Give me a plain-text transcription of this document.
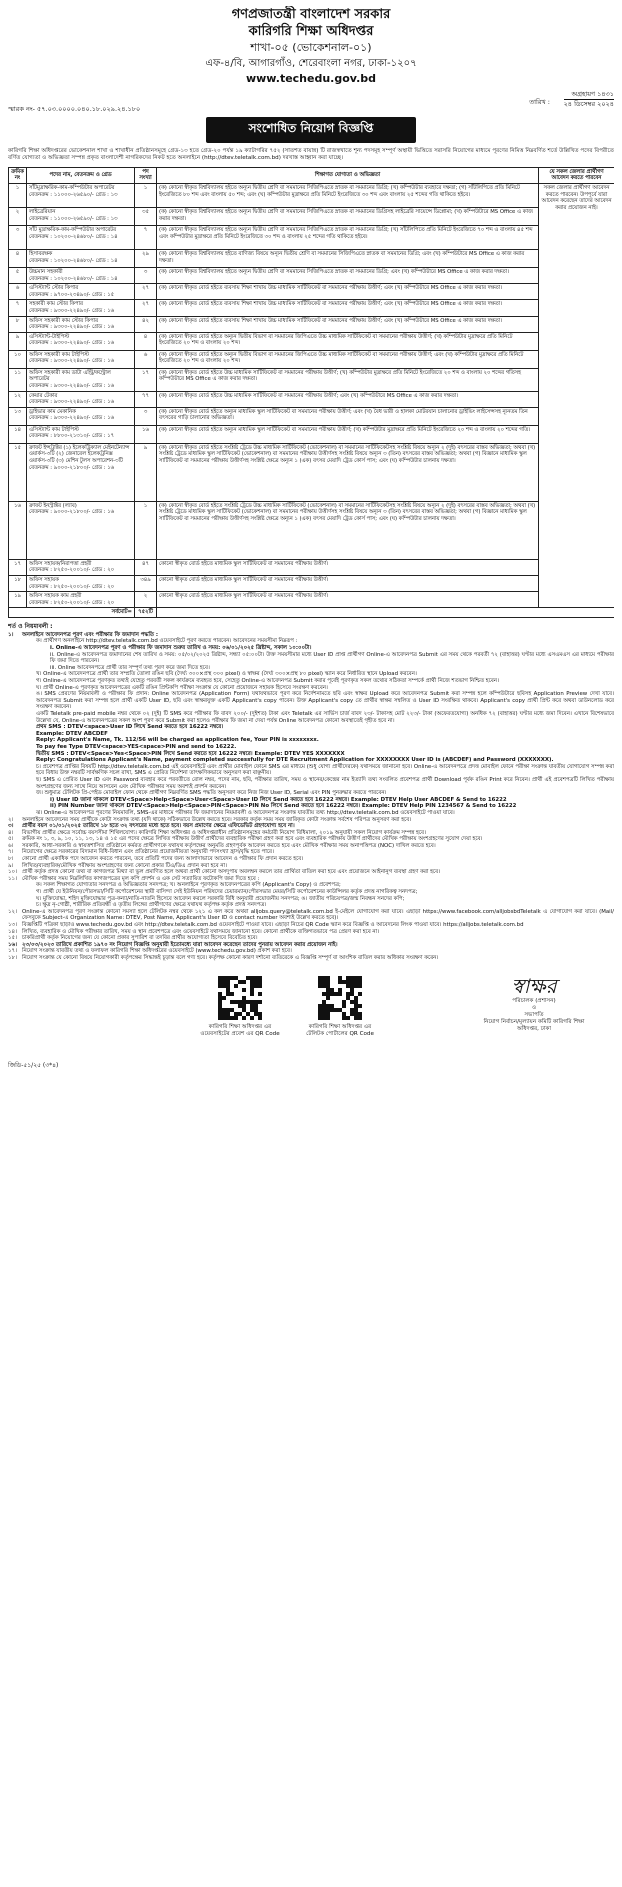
গণপ্রজাতন্ত্রী বাংলাদেশ সরকার
কারিগরি শিক্ষা অধিদপ্তর
শাখা-০৫ (ভোকেশনাল-০১)
এফ-৪/বি, আগারগাঁও, শেরেবাংলা নগর, ঢাকা-১২০৭
www.techedu.gov.bd
স্মারক নং- ৫৭.০৩.০০০০.০৪০.১৮.০২৯.২৪.১৮০
অগ্রহায়ণ ১৪৩১
২৪ ডিসেম্বর ২০২৪
তারিখ :
সংশোধিত নিয়োগ বিজ্ঞপ্তি
কারিগরি শিক্ষা অধিদপ্তরের ভোকেশনাল শাখা ও শাখাধীন প্রতিষ্ঠানসমূহে গ্রেড-১৩ হতে গ্রেড-২০ পর্যন্ত ১৯ ক্যাটাগরির ৭৫২ (সাতশত বায়ান্ন) টি রাজস্বখাতে শূন্য পদসমূহ সম্পূর্ণ অস্থায়ী ভিত্তিতে সরাসরি নিয়োগের মাধ্যমে পূরণের নিমিত্ত নিম্নবর্ণিত শর্তে উল্লিখিত পদের বিপরীতে বর্ণিত যোগ্যতা ও অভিজ্ঞতা সম্পন্ন প্রকৃত বাংলাদেশী নাগরিকদের নিকট হতে অনলাইনে (http://dtev.teletalk.com.bd) দরখাস্ত আহ্বান করা যাচ্ছে।
ক্রমিক নং	পদের নাম, বেতনক্রম ও গ্রেড	পদ সংখ্যা	শিক্ষাগত যোগ্যতা ও অভিজ্ঞতা	যে সকল জেলার প্রার্থীগণ আবেদন করতে পারবেন
১	সাঁটমুদ্রাক্ষরিক-কাম-কম্পিউটার অপারেটর
বেতনক্রম : ১১০০০-২৬৫৯০/- গ্রেড : ১৩	১	(ক) কোনো স্বীকৃত বিশ্ববিদ্যালয় হইতে অন্যূন দ্বিতীয় শ্রেণি বা সমমানের সিজিপিএতে স্নাতক বা সমমানের ডিগ্রি; (খ) কম্পিউটার ব্যবহারে দক্ষতা; (গ) সাঁটলিপিতে প্রতি মিনিটে ইংরেজিতে ৮০ শব্দ এবং বাংলায় ৫০ শব্দ; এবং (ঘ) কম্পিউটার মুদ্রাক্ষরে প্রতি মিনিটে ইংরেজিতে ৩০ শব্দ এবং বাংলায় ২৫ শব্দের গতি থাকিতে হইবে।	সকল জেলার প্রার্থীগণ আবেদন করতে পারবেন। উপপূর্বে যারা আবেদন করেছেন তাদের আবেদন করার প্রয়োজন নাই।
২	লাইব্রেরিয়ান
বেতনক্রম : ১১০০০-২৬৫৯০/- গ্রেড : ১৩	৩৫	(ক) কোনো স্বীকৃত বিশ্ববিদ্যালয় হইতে অন্যূন দ্বিতীয় শ্রেণি বা সমমানের সিজিপিএতে স্নাতক বা সমমানের ডিগ্রিসহ লাইব্রেরি সায়েন্সে ডিপ্লোমা; (খ) কম্পিউটারে MS Office এ কাজ করার দক্ষতা।	
৩	সাঁট মুদ্রাক্ষরিক-কাম-কম্পিউটার অপারেটর
বেতনক্রম : ১০২০০-২৪৬৮০/- গ্রেড : ১৪	৭	(ক) কোনো স্বীকৃত বিশ্ববিদ্যালয় হইতে অন্যূন দ্বিতীয় শ্রেণি বা সমমানের সিজিপিএতে স্নাতক বা সমমানের ডিগ্রি; (খ) সাঁটলিপিতে প্রতি মিনিটে ইংরেজিতে ৭০ শব্দ ও বাংলায় ৪৫ শব্দ এবং কম্পিউটার মুদ্রাক্ষরে প্রতি মিনিটে ইংরেজিতে ৩০ শব্দ ও বাংলায় ২৫ শব্দের গতি থাকিতে হইবে।	
৪	হিসাবরক্ষক
বেতনক্রম : ১০২০০-২৪৬৮০/- গ্রেড : ১৪	২৯	(ক) কোনো স্বীকৃত বিশ্ববিদ্যালয় হইতে বাণিজ্য বিষয়ে অন্যূন দ্বিতীয় শ্রেণি বা সমমানের সিজিপিএতে স্নাতক বা সমমানের ডিগ্রি; এবং (খ) কম্পিউটারে MS Office এ কাজ করার দক্ষতা।	
৫	উচ্চমান সহকারী
বেতনক্রম : ১০২০০-২৪৬৮০/- গ্রেড : ১৪	৩	(ক) কোনো স্বীকৃত বিশ্ববিদ্যালয় হইতে অন্যূন দ্বিতীয় শ্রেণি বা সমমানের সিজিপিএতে স্নাতক বা সমমানের ডিগ্রি; এবং (খ) কম্পিউটারে MS Office এ কাজ করার দক্ষতা।	
৬	এসিস্ট্যান্ট স্টোর কিপার
বেতনক্রম : ৯৭০০-২৩৪৯০/- গ্রেড : ১৫	২৭	(ক) কোনো স্বীকৃত বোর্ড হইতে ব্যবসায় শিক্ষা শাখায় উচ্চ মাধ্যমিক সার্টিফিকেট বা সমমানের পরীক্ষায় উত্তীর্ণ; এবং (খ) কম্পিউটারে MS Office এ কাজ করার দক্ষতা।	
৭	সহকারী কাম স্টোর কিপার
বেতনক্রম : ৯৩০০-২২৪৯০/- গ্রেড : ১৬	২৭	(ক) কোনো স্বীকৃত বোর্ড হইতে ব্যবসায় শিক্ষা শাখায় উচ্চ মাধ্যমিক সার্টিফিকেট বা সমমানের পরীক্ষায় উত্তীর্ণ; এবং (খ) কম্পিউটারে MS Office এ কাজ করার দক্ষতা।	
৮	অফিস সহকারী কাম স্টোর কিপার
বেতনক্রম : ৯৩০০-২২৪৯০/- গ্রেড : ১৬	৪২	(ক) কোনো স্বীকৃত বোর্ড হইতে ব্যবসায় শিক্ষা শাখায় উচ্চ মাধ্যমিক সার্টিফিকেট বা সমমানের পরীক্ষায় উত্তীর্ণ; এবং (খ) কম্পিউটারে MS Office এ কাজ করার দক্ষতা।	
৯	এসিস্ট্যান্ট-টাইপিস্ট
বেতনক্রম : ৯৩০০-২২৪৯০/- গ্রেড : ১৬	৪	(ক) কোনো স্বীকৃত বোর্ড হইতে অন্যূন দ্বিতীয় বিভাগ বা সমমানের জিপিএতে উচ্চ মাধ্যমিক সার্টিফিকেট বা সমমানের পরীক্ষায় উত্তীর্ণ; (খ) কম্পিউটার মুদ্রাক্ষরে প্রতি মিনিটে ইংরেজিতে ২০ শব্দ ও বাংলায় ২০ শব্দ।	
১০	অফিস সহকারী কাম টাইপিস্ট
বেতনক্রম : ৯৩০০-২২৪৯০/- গ্রেড : ১৬	৬	(ক) কোনো স্বীকৃত বোর্ড হইতে অন্যূন দ্বিতীয় বিভাগ বা সমমানের জিপিএতে উচ্চ মাধ্যমিক সার্টিফিকেট বা সমমানের পরীক্ষায় উত্তীর্ণ; এবং (খ) কম্পিউটার মুদ্রাক্ষরে প্রতি মিনিটে ইংরেজিতে ২০ শব্দ ও বাংলায় ২০ শব্দ।	
১১	অফিস সহকারী কাম ডাটা এন্ট্রি/কন্ট্রোল অপারেটর
বেতনক্রম : ৯৩০০-২২৪৯০/- গ্রেড : ১৬	১৭	(ক) কোনো স্বীকৃত বোর্ড হইতে উচ্চ মাধ্যমিক সার্টিফিকেট বা সমমানের পরীক্ষায় উত্তীর্ণ; (খ) কম্পিউটার মুদ্রাক্ষরে প্রতি মিনিটে ইংরেজিতে ২০ শব্দ ও বাংলায় ২০ শব্দের গতিসহ কম্পিউটারে MS Office এ কাজ করার দক্ষতা।	
১২	কেয়ার টেকার
বেতনক্রম : ৯৩০০-২২৪৯০/- গ্রেড : ১৬	৭৭	(ক) কোনো স্বীকৃত বোর্ড হইতে উচ্চ মাধ্যমিক সার্টিফিকেট বা সমমানের পরীক্ষায় উত্তীর্ণ; এবং (খ) কম্পিউটারে MS Office এ কাজ করার দক্ষতা।	
১৩	ড্রাইভার কাম মেকানিক
বেতনক্রম : ৯৩০০-২২৪৯০/- গ্রেড : ১৬	৩	(ক) কোনো স্বীকৃত বোর্ড হইতে অন্যূন মাধ্যমিক স্কুল সার্টিফিকেট বা সমমানের পরীক্ষায় উত্তীর্ণ; এবং (খ) বৈধ ভারী ও হালকা মোটরযান চালানোর ড্রাইভিং লাইসেন্সসহ ন্যূনতম তিন বৎসরের গাড়ি চালানোর অভিজ্ঞতা।	
১৪	এসিস্ট্যান্ট কাম টাইপিস্ট
বেতনক্রম : ৮৮০০-২১৩১০/- গ্রেড : ১৭	১৬	(ক) কোনো স্বীকৃত বোর্ড হইতে অন্যূন মাধ্যমিক স্কুল সার্টিফিকেট বা সমমানের পরীক্ষায় উত্তীর্ণ; (খ) কম্পিউটার মুদ্রাক্ষরে প্রতি মিনিটে ইংরেজিতে ২০ শব্দ ও বাংলায় ২০ শব্দের গতি।	
১৫	ক্রাফট ইন্সট্রাক্টর (১) ইলেকট্রিক্যাল মেইনটেন্যান্স ওয়ার্কস-৩টি (২) জেনারেল ইলেকট্রনিক্স ওয়ার্কস-৩টি (৩) মেশিন টুলস অপারেশন-৩টি
বেতনক্রম : ৯০০০-২১৮০০/- গ্রেড : ১৬	৯	(ক) কোনো স্বীকৃত বোর্ড হইতে সংশ্লিষ্ট ট্রেডে উচ্চ মাধ্যমিক সার্টিফিকেট (ভোকেশনাল) বা সমমানের সার্টিফিকেটসহ সংশ্লিষ্ট বিষয়ে অন্যূন ২ (দুই) বৎসরের বাস্তব অভিজ্ঞতা; অথবা (খ) সংশ্লিষ্ট ট্রেডে মাধ্যমিক স্কুল সার্টিফিকেট (ভোকেশনাল) বা সমমানের পরীক্ষায় উত্তীর্ণসহ সংশ্লিষ্ট বিষয়ে অন্যূন ৩ (তিন) বৎসরের বাস্তব অভিজ্ঞতা; অথবা (গ) বিজ্ঞানে মাধ্যমিক স্কুল সার্টিফিকেট বা সমমানের পরীক্ষায় উত্তীর্ণসহ সংশ্লিষ্ট ক্ষেত্রে অন্যূন ১ (এক) বৎসর মেয়াদি ট্রেড কোর্স পাস; এবং (ঘ) কম্পিউটার চালনায় দক্ষতা।	
১৬	ক্রাফট ইনস্ট্রাক্টর (ল্যাব)
বেতনক্রম : ৯০০০-২১৮০০/- গ্রেড : ১৬	১	(ক) কোনো স্বীকৃত বোর্ড হইতে সংশ্লিষ্ট ট্রেডে উচ্চ মাধ্যমিক সার্টিফিকেট (ভোকেশনাল) বা সমমানের সার্টিফিকেটসহ সংশ্লিষ্ট বিষয়ে অন্যূন ২ (দুই) বৎসরের বাস্তব অভিজ্ঞতা; অথবা (খ) সংশ্লিষ্ট ট্রেডে মাধ্যমিক স্কুল সার্টিফিকেট (ভোকেশনাল) বা সমমানের পরীক্ষায় উত্তীর্ণসহ সংশ্লিষ্ট বিষয়ে অন্যূন ৩ (তিন) বৎসরের বাস্তব অভিজ্ঞতা; অথবা (গ) বিজ্ঞানে মাধ্যমিক স্কুল সার্টিফিকেট বা সমমানের পরীক্ষায় উত্তীর্ণসহ সংশ্লিষ্ট ক্ষেত্রে অন্যূন ১ (এক) বৎসর মেয়াদি ট্রেড কোর্স পাস; এবং (ঘ) কম্পিউটার চালনায় দক্ষতা।	
১৭	অফিস সহায়ক/নিরাপত্তা প্রহরী
বেতনক্রম : ৮২৫০-২০০১০/- গ্রেড : ২০	৪৭	কোনো স্বীকৃত বোর্ড হইতে মাধ্যমিক স্কুল সার্টিফিকেট বা সমমানের পরীক্ষায় উত্তীর্ণ।	
১৮	অফিস সহায়ক
বেতনক্রম : ৮২৫০-২০০১০/- গ্রেড : ২০	৩৪৯	কোনো স্বীকৃত বোর্ড হইতে মাধ্যমিক স্কুল সার্টিফিকেট বা সমমানের পরীক্ষায় উত্তীর্ণ।	
১৯	অফিস সহায়ক কাম প্রহরী
বেতনক্রম : ৮২৫০-২০০১০/- গ্রেড : ২০	২	কোনো স্বীকৃত বোর্ড হইতে মাধ্যমিক স্কুল সার্টিফিকেট বা সমমানের পরীক্ষায় উত্তীর্ণ।	
সর্বমোট=		৭৫২টি		
শর্ত ও নিয়মাবলী :
১।	অনলাইনে আবেদনপত্র পূরণ এবং পরীক্ষার ফি জমাদান পদ্ধতি :
ক। প্রার্থীগণ অনলাইনে http://dtev.teletalk.com.bd ওয়েবসাইটে পূরণ করতে পারবেন। আবেদনের সময়সীমা নিম্নরূপ :
i. Online-এ আবেদনপত্র পূরণ ও পরীক্ষার ফি জমাদান শুরুর তারিখ ও সময়: ০৬/০১/২০২৫ খ্রিষ্টাব্দ, সকাল ১০:০০টা।
ii. Online-এ আবেদনপত্র জমাদানের শেষ তারিখ ও সময়: ০৫/০২/২০২৫ খ্রিষ্টাব্দ, সন্ধ্যা ০৫:০০টা। উক্ত সময়সীমার মধ্যে User ID প্রাপ্ত প্রার্থীগণ Online-এ আবেদনপত্র Submit এর সময় থেকে পরবর্তী ৭২ (বাহাত্তর) ঘণ্টার মধ্যে এসএমএস এর মাধ্যমে পরীক্ষার ফি জমা দিতে পারবেন।
iii. Online আবেদনপত্রে প্রার্থী তার সম্পূর্ণ তথ্য পূরণ করে জমা দিতে হবে।
খ। Online-এ আবেদনপত্রে প্রার্থী তার সম্প্রতি তোলা রঙিন ছবি (দৈর্ঘ্য ৩০০×প্রস্থ ৩০০ pixel) ও স্বাক্ষর (দৈর্ঘ্য ৩০০×প্রস্থ ৮০ pixel) স্ক্যান করে নির্ধারিত স্থানে Upload করবেন।
গ। Online-এ আবেদনপত্রে পূরণকৃত তথ্যই যেহেতু পরবর্তী সকল কার্যক্রমে ব্যবহৃত হবে, সেহেতু Online-এ আবেদনপত্র Submit করার পূর্বেই পূরণকৃত সকল তথ্যের সঠিকতা সম্পর্কে প্রার্থী নিজে শতভাগ নিশ্চিত হবেন।
ঘ। প্রার্থী Online-এ পূরণকৃত আবেদনপত্রের একটি রঙিন প্রিন্টকপি পরীক্ষা সংক্রান্ত যে কোনো প্রয়োজনে সহায়ক হিসেবে সংরক্ষণ করবেন।
ঙ। SMS প্রেরণের নিয়মাবলী ও পরীক্ষার ফি প্রদান: Online আবেদনপত্র (Application Form) যথাযথভাবে পূরণ করে নির্দেশনামতে ছবি এবং স্বাক্ষর Upload করে আবেদনপত্র Submit করা সম্পন্ন হলে কম্পিউটারে ছবিসহ Application Preview দেখা যাবে। আবেদনপত্র Submit করা সম্পন্ন হলে প্রার্থী একটি User ID, ছবি এবং স্বাক্ষরযুক্ত একটি Applicant's copy পাবেন। উক্ত Applicant's copy তে প্রার্থীর স্বাক্ষর সম্বলিত ও User ID সংরক্ষিত থাকবে। Applicant's copy প্রার্থী প্রিন্ট করে অথবা ডাউনলোড করে সংরক্ষণ করবেন।
একটি Teletalk pre-paid mobile নম্বর থেকে ০২ (দুই) টি SMS করে পরীক্ষার ফি বাবদ ২০০/- (দুইশত) টাকা এবং Teletalk এর সার্ভিস চার্জ বাবদ ২৩/- টাকাসহ মোট ২২৩/- টাকা (অফেরতযোগ্য) অনধিক ৭২ (বাহাত্তর) ঘণ্টার মধ্যে জমা দিবেন। এখানে বিশেষভাবে উল্লেখ্য যে, Online-এ আবেদনপত্রের সকল অংশ পূরণ করে Submit করা হলেও পরীক্ষার ফি জমা না দেয়া পর্যন্ত Online আবেদনপত্র কোনো অবস্থাতেই গৃহীত হবে না।
প্রথম SMS : DTEV<space>User ID লিখে Send করতে হবে 16222 নম্বরে।
Example: DTEV ABCDEF
Reply: Applicant's Name, Tk. 112/56 will be charged as application fee, Your PIN is xxxxxxxx.
To pay fee Type DTEV<space>YES<space>PIN and send to 16222.
দ্বিতীয় SMS : DTEV<Space>Yes<Space>PIN লিখে Send করতে হবে 16222 নম্বরে। Example: DTEV YES XXXXXXX
Reply: Congratulations Applicant's Name, payment completed successfully for DTE Recruitment Application for XXXXXXXX User ID is (ABCDEF) and Password (XXXXXXX).
চ। প্রবেশপত্র প্রাপ্তির বিষয়টি http://dtev.teletalk.com.bd এই ওয়েবসাইটে এবং প্রার্থীর মোবাইল ফোনে SMS এর মাধ্যমে (শুধু যোগ্য প্রার্থীদেরকে) যথাসময়ে জানানো হবে। Online-এ আবেদনপত্রে প্রদত্ত মোবাইল ফোনে পরীক্ষা সংক্রান্ত যাবতীয় যোগাযোগ সম্পন্ন করা হবে বিধায় উক্ত নম্বরটি সার্বক্ষণিক সচল রাখা, SMS এ প্রেরিত নির্দেশনা তাৎক্ষণিকভাবে অনুসরণ করা বাঞ্ছনীয়।
ছ। SMS এ প্রেরিত User ID এবং Password ব্যবহার করে পরবর্তীতে রোল নম্বর, পদের নাম, ছবি, পরীক্ষার তারিখ, সময় ও স্থানের/কেন্দ্রের নাম ইত্যাদি তথ্য সংবলিত প্রবেশপত্র প্রার্থী Download পূর্বক রঙিন Print করে নিবেন। প্রার্থী এই প্রবেশপত্রটি লিখিত পরীক্ষায় অংশগ্রহণের জন্য সাথে নিয়ে আসবেন এবং মৌখিক পরীক্ষার সময় অবশ্যই প্রদর্শন করবেন।
জ। শুধুমাত্র টেলিটক প্রি-পেইড মোবাইল ফোন থেকে প্রার্থীগণ নিম্নবর্ণিত SMS পদ্ধতি অনুসরণ করে নিজ নিজ User ID, Serial এবং PIN পুনরুদ্ধার করতে পারবেন।
i) User ID জানা থাকলে DTEV<Space>Help<Space>User<Space>User ID লিখে Send করতে হবে 16222 নম্বরে। Example: DTEV Help User ABCDEF & Send to 16222
ii) PIN Number জানা থাকলে DTEV<Space>Help<Space>PIN<Space>PIN No লিখে Send করতে হবে 16222 নম্বরে। Example: DTEV Help PIN 1234567 & Send to 16222
ঝ। Online-এ আবেদনপত্র পূরণের নিয়মাবলি, SMS-এর মাধ্যমে পরীক্ষার ফি জমাদানের নিয়মাবলী ও আবেদনপত্র সংক্রান্ত যাবতীয় তথ্য http://dtev.teletalk.com.bd ওয়েবসাইটে পাওয়া যাবে।
২।	অনলাইনে আবেদনের সময় প্রার্থীকে কোটা সংক্রান্ত তথ্য (যদি থাকে) সঠিকভাবে উল্লেখ করতে হবে। সরকার কর্তৃক সময় সময় জারিকৃত কোটা সংক্রান্ত সর্বশেষ পরিপত্র অনুসরণ করা হবে।
৩।	প্রার্থীর বয়স ০১/০১/২০২৫ তারিখে ১৮ হতে ৩২ বৎসরের মধ্যে হতে হবে। বয়স প্রমাণের ক্ষেত্রে এফিডেভিট গ্রহণযোগ্য হবে না।
৪।	বিভাগীয় প্রার্থীর ক্ষেত্রে সর্বোচ্চ বয়সসীমা শিথিলযোগ্য। কারিগরি শিক্ষা অধিদপ্তর ও অধিদপ্তরাধীন প্রতিষ্ঠানসমূহের কর্মচারী নিয়োগ বিধিমালা, ২০১৯ অনুযায়ী সকল নিয়োগ কার্যক্রম সম্পন্ন হবে।
৫।	ক্রমিক নং ১, ৩, ৯, ১০, ১১, ১৩, ১৪ ও ১৫ এর পদের ক্ষেত্রে লিখিত পরীক্ষায় উত্তীর্ণ প্রার্থীদের ব্যবহারিক পরীক্ষা গ্রহণ করা হবে এবং ব্যবহারিক পরীক্ষায় উত্তীর্ণ প্রার্থীদের মৌখিক পরীক্ষায় অংশগ্রহণের সুযোগ দেয়া হবে।
৬।	সরকারি, আধা-সরকারি ও স্বায়ত্তশাসিত প্রতিষ্ঠানে কর্মরত প্রার্থীগণকে যথাযথ কর্তৃপক্ষের অনুমতি গ্রহণপূর্বক আবেদন করতে হবে এবং মৌখিক পরীক্ষার সময় অনাপত্তিপত্র (NOC) দাখিল করতে হবে।
৭।	নিয়োগের ক্ষেত্রে সরকারের বিদ্যমান বিধি-বিধান এবং প্রতিষ্ঠানের প্রয়োজনীয়তা অনুযায়ী পদসংখ্যা হ্রাস/বৃদ্ধি হতে পারে।
৮।	কোনো প্রার্থী একাধিক পদে আবেদন করতে পারবেন, তবে প্রতিটি পদের জন্য আলাদাভাবে আবেদন ও পরীক্ষার ফি প্রদান করতে হবে।
৯।	লিখিত/ব্যবহারিক/মৌখিক পরীক্ষায় অংশগ্রহণের জন্য কোনো প্রকার টিএ/ডিএ প্রদান করা হবে না।
১০। প্রার্থী কর্তৃক প্রদত্ত কোনো তথ্য বা কাগজপত্র মিথ্যা বা ভুল প্রমাণিত হলে অথবা প্রার্থী কোনো অসদুপায় অবলম্বন করলে তার প্রার্থিতা বাতিল করা হবে এবং প্রয়োজনে আইনানুগ ব্যবস্থা গ্রহণ করা হবে।
১১। মৌখিক পরীক্ষার সময় নিম্নলিখিত কাগজপত্রের মূল কপি প্রদর্শন ও এক সেট সত্যায়িত ফটোকপি জমা দিতে হবে :
ক। সকল শিক্ষাগত যোগ্যতার সনদপত্র ও অভিজ্ঞতার সনদপত্র; খ। অনলাইনে পূরণকৃত আবেদনপত্রের কপি (Applicant's Copy) ও প্রবেশপত্র;
গ। প্রার্থী যে ইউনিয়ন/পৌরসভা/সিটি কর্পোরেশনের স্থায়ী বাসিন্দা সেই ইউনিয়ন পরিষদের চেয়ারম্যান/পৌরসভার মেয়র/সিটি কর্পোরেশনের কাউন্সিলর কর্তৃক প্রদত্ত নাগরিকত্ব সনদপত্র;
ঘ। মুক্তিযোদ্ধা, শহিদ মুক্তিযোদ্ধার পুত্র-কন্যা/নাতি-নাতনি হিসেবে আবেদন করলে সরকারি বিধি অনুযায়ী প্রয়োজনীয় সনদপত্র; ঙ। জাতীয় পরিচয়পত্র/জন্ম নিবন্ধন সনদের কপি;
চ। ক্ষুদ্র নৃ-গোষ্ঠী, শারীরিক প্রতিবন্ধী ও তৃতীয় লিঙ্গের প্রার্থীগণের ক্ষেত্রে যথাযথ কর্তৃপক্ষ কর্তৃক প্রদত্ত সনদপত্র।
১২। Online-এ আবেদনপত্র পূরণ সংক্রান্ত কোনো সমস্যা হলে টেলিটক নম্বর থেকে ১২১ এ কল করে অথবা alljobs.query@teletalk.com.bd ই-মেইলে যোগাযোগ করা যাবে। এছাড়া https://www.facebook.com/alljobsbdTeletalk এ যোগাযোগ করা যাবে। (Mail/ফেসবুকে Subject-এ Organization Name: DTEV, Post Name, Applicant's User ID ও contact number অবশ্যই উল্লেখ করতে হবে)।
১৩। বিজ্ঞপ্তিটি পত্রিকা ছাড়াও www.techedu.gov.bd এবং http://dtev.teletalk.com.bd ওয়েবসাইটে পাওয়া যাবে। এছাড়া নিচের QR Code স্ক্যান করে বিজ্ঞপ্তি ও আবেদনের লিংক পাওয়া যাবে। https://alljobs.teletalk.com.bd
১৪। লিখিত, ব্যবহারিক ও মৌখিক পরীক্ষার তারিখ, সময় ও স্থান প্রবেশপত্রে এবং ওয়েবসাইটে যথাসময়ে জানানো হবে। কোনো প্রার্থীকে ব্যক্তিগতভাবে পত্র প্রেরণ করা হবে না।
১৫। চাকরিপ্রার্থী কর্তৃক নিয়োগের জন্য যে কোনো প্রকার সুপারিশ বা তদবির প্রার্থীর অযোগ্যতা হিসেবে বিবেচিত হবে।
১৬। ২৩/০৩/২০২৩ তারিখে প্রকাশিত ১৯৭০ নং নিয়োগ বিজ্ঞপ্তি অনুযায়ী ইতোমধ্যে যারা আবেদন করেছেন তাদের পুনরায় আবেদন করার প্রয়োজন নাই।
১৭। নিয়োগ সংক্রান্ত যাবতীয় তথ্য ও ফলাফল কারিগরি শিক্ষা অধিদপ্তরের ওয়েবসাইটে (www.techedu.gov.bd) প্রকাশ করা হবে।
১৮। নিয়োগ সংক্রান্ত যে কোনো বিষয়ে নিয়োগকারী কর্তৃপক্ষের সিদ্ধান্তই চূড়ান্ত বলে গণ্য হবে। কর্তৃপক্ষ কোনো কারণ দর্শানো ব্যতিরেকে এ বিজ্ঞপ্তি সম্পূর্ণ বা আংশিক বাতিল করার অধিকার সংরক্ষণ করেন।
কারিগরি শিক্ষা অধিদপ্তর এর ওয়েবসাইটের প্রবেশ এর QR Code
কারিগরি শিক্ষা অধিদপ্তর এর টেলিটক পোর্টালের QR Code
স্বাক্ষর
পরিচালক (প্রশাসন)
ও
সভাপতি
নিয়োগ নির্বাচন/মূল্যায়ন কমিটি কারিগরি শিক্ষা অধিদপ্তর, ঢাকা
জিডি-৫১/২৫ (৩*৪)
